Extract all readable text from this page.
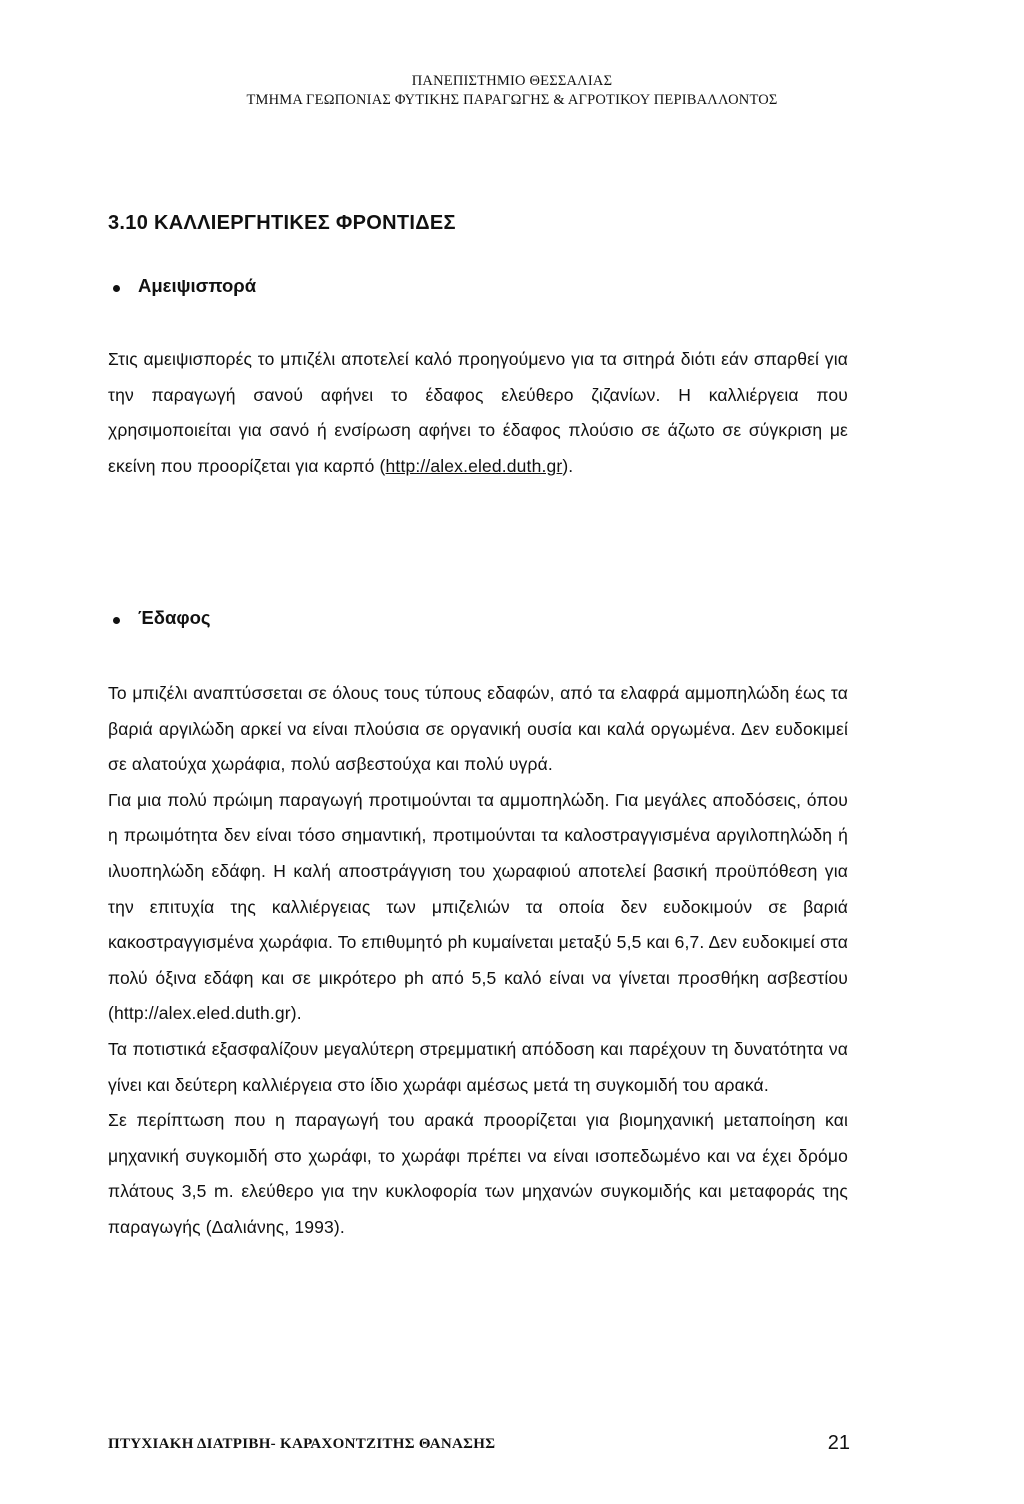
ΠΑΝΕΠΙΣΤΗΜΙΟ ΘΕΣΣΑΛΙΑΣ
ΤΜΗΜΑ ΓΕΩΠΟΝΙΑΣ ΦΥΤΙΚΗΣ ΠΑΡΑΓΩΓΗΣ & ΑΓΡΟΤΙΚΟΥ ΠΕΡΙΒΑΛΛΟΝΤΟΣ
3.10 ΚΑΛΛΙΕΡΓΗΤΙΚΕΣ ΦΡΟΝΤΙΔΕΣ
Αμειψισπορά

Στις αμειψισπορές το μπιζέλι αποτελεί καλό προηγούμενο για τα σιτηρά διότι εάν σπαρθεί για την παραγωγή σανού αφήνει το έδαφος ελεύθερο ζιζανίων. Η καλλιέργεια που χρησιμοποιείται για σανό ή ενσίρωση αφήνει το έδαφος πλούσιο σε άζωτο σε σύγκριση με εκείνη που προορίζεται για καρπό (http://alex.eled.duth.gr).

Έδαφος

Το μπιζέλι αναπτύσσεται σε όλους τους τύπους εδαφών, από τα ελαφρά αμμοπηλώδη έως τα βαριά αργιλώδη αρκεί να είναι πλούσια σε οργανική ουσία και καλά οργωμένα. Δεν ευδοκιμεί σε αλατούχα χωράφια, πολύ ασβεστούχα και πολύ υγρά.

Για μια πολύ πρώιμη παραγωγή προτιμούνται τα αμμοπηλώδη. Για μεγάλες αποδόσεις, όπου η πρωιμότητα δεν είναι τόσο σημαντική, προτιμούνται τα καλοστραγγισμένα αργιλοπηλώδη ή ιλυοπηλώδη εδάφη. Η καλή αποστράγγιση του χωραφιού αποτελεί βασική προϋπόθεση για την επιτυχία της καλλιέργειας των μπιζελιών τα οποία δεν ευδοκιμούν σε βαριά κακοστραγγισμένα χωράφια. Το επιθυμητό ph κυμαίνεται μεταξύ 5,5 και 6,7. Δεν ευδοκιμεί στα πολύ όξινα εδάφη και σε μικρότερο ph από 5,5 καλό είναι να γίνεται προσθήκη ασβεστίου (http://alex.eled.duth.gr).

Τα ποτιστικά εξασφαλίζουν μεγαλύτερη στρεμματική απόδοση και παρέχουν τη δυνατότητα να γίνει και δεύτερη καλλιέργεια στο ίδιο χωράφι αμέσως μετά τη συγκομιδή του αρακά.

Σε περίπτωση που η παραγωγή του αρακά προορίζεται για βιομηχανική μεταποίηση και μηχανική συγκομιδή στο χωράφι, το χωράφι πρέπει να είναι ισοπεδωμένο και να έχει δρόμο πλάτους 3,5 m. ελεύθερο για την κυκλοφορία των μηχανών συγκομιδής και μεταφοράς της παραγωγής (Δαλιάνης, 1993).

ΠΤΥΧΙΑΚΗ ΔΙΑΤΡΙΒΗ- ΚΑΡΑΧΟΝΤΖΙΤΗΣ ΘΑΝΑΣΗΣ	21
